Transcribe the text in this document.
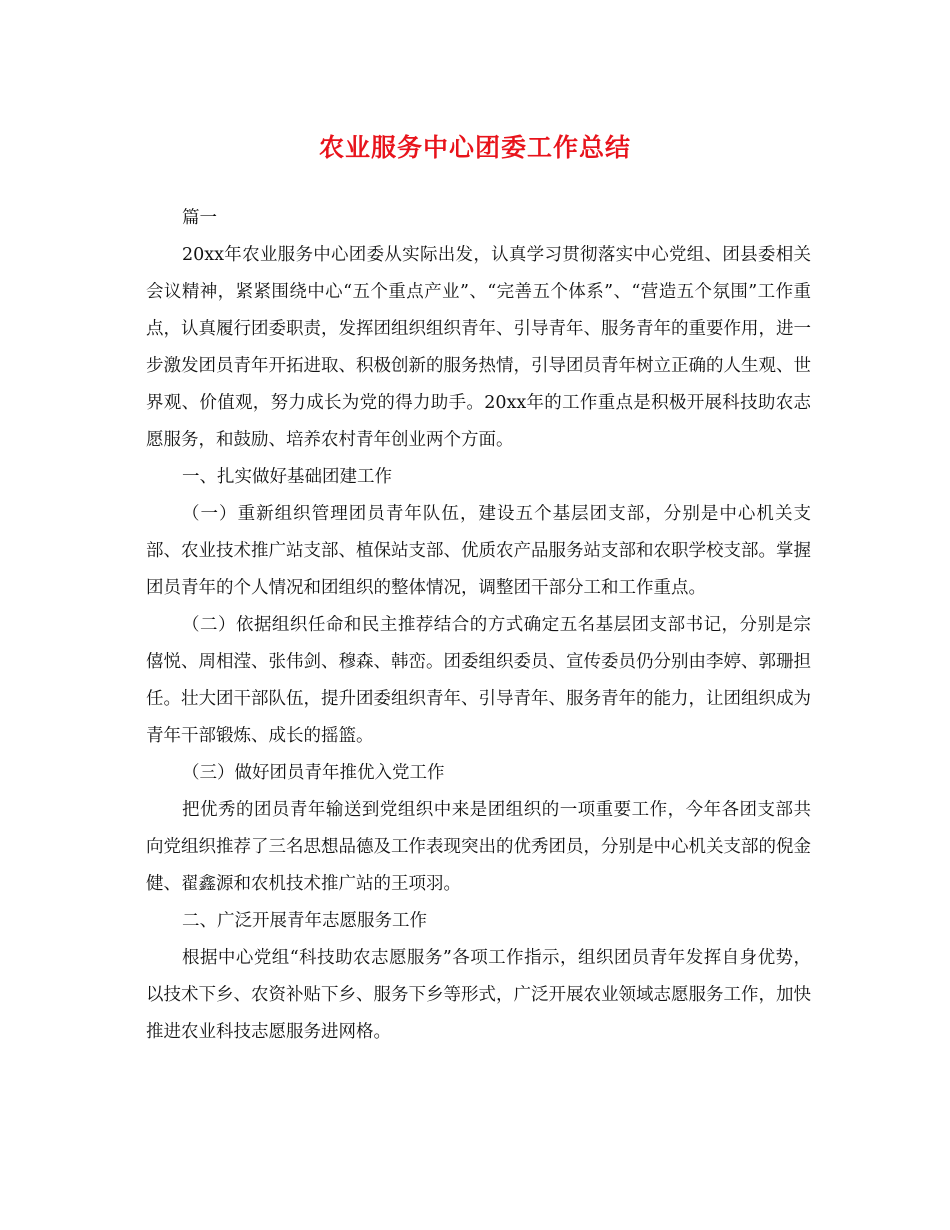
农业服务中心团委工作总结

篇一

20xx年农业服务中心团委从实际出发，认真学习贯彻落实中心党组、团县委相关会议精神，紧紧围绕中心“五个重点产业”、“完善五个体系”、“营造五个氛围”工作重点，认真履行团委职责，发挥团组织组织青年、引导青年、服务青年的重要作用，进一步激发团员青年开拓进取、积极创新的服务热情，引导团员青年树立正确的人生观、世界观、价值观，努力成长为党的得力助手。20xx年的工作重点是积极开展科技助农志愿服务，和鼓励、培养农村青年创业两个方面。

一、扎实做好基础团建工作

（一）重新组织管理团员青年队伍，建设五个基层团支部，分别是中心机关支部、农业技术推广站支部、植保站支部、优质农产品服务站支部和农职学校支部。掌握团员青年的个人情况和团组织的整体情况，调整团干部分工和工作重点。

（二）依据组织任命和民主推荐结合的方式确定五名基层团支部书记，分别是宗僖悦、周相滢、张伟剑、穆森、韩峦。团委组织委员、宣传委员仍分别由李婷、郭珊担任。壮大团干部队伍，提升团委组织青年、引导青年、服务青年的能力，让团组织成为青年干部锻炼、成长的摇篮。

（三）做好团员青年推优入党工作

把优秀的团员青年输送到党组织中来是团组织的一项重要工作，今年各团支部共向党组织推荐了三名思想品德及工作表现突出的优秀团员，分别是中心机关支部的倪金健、翟鑫源和农机技术推广站的王项羽。

二、广泛开展青年志愿服务工作

根据中心党组“科技助农志愿服务”各项工作指示，组织团员青年发挥自身优势，以技术下乡、农资补贴下乡、服务下乡等形式，广泛开展农业领域志愿服务工作，加快推进农业科技志愿服务进网格。
